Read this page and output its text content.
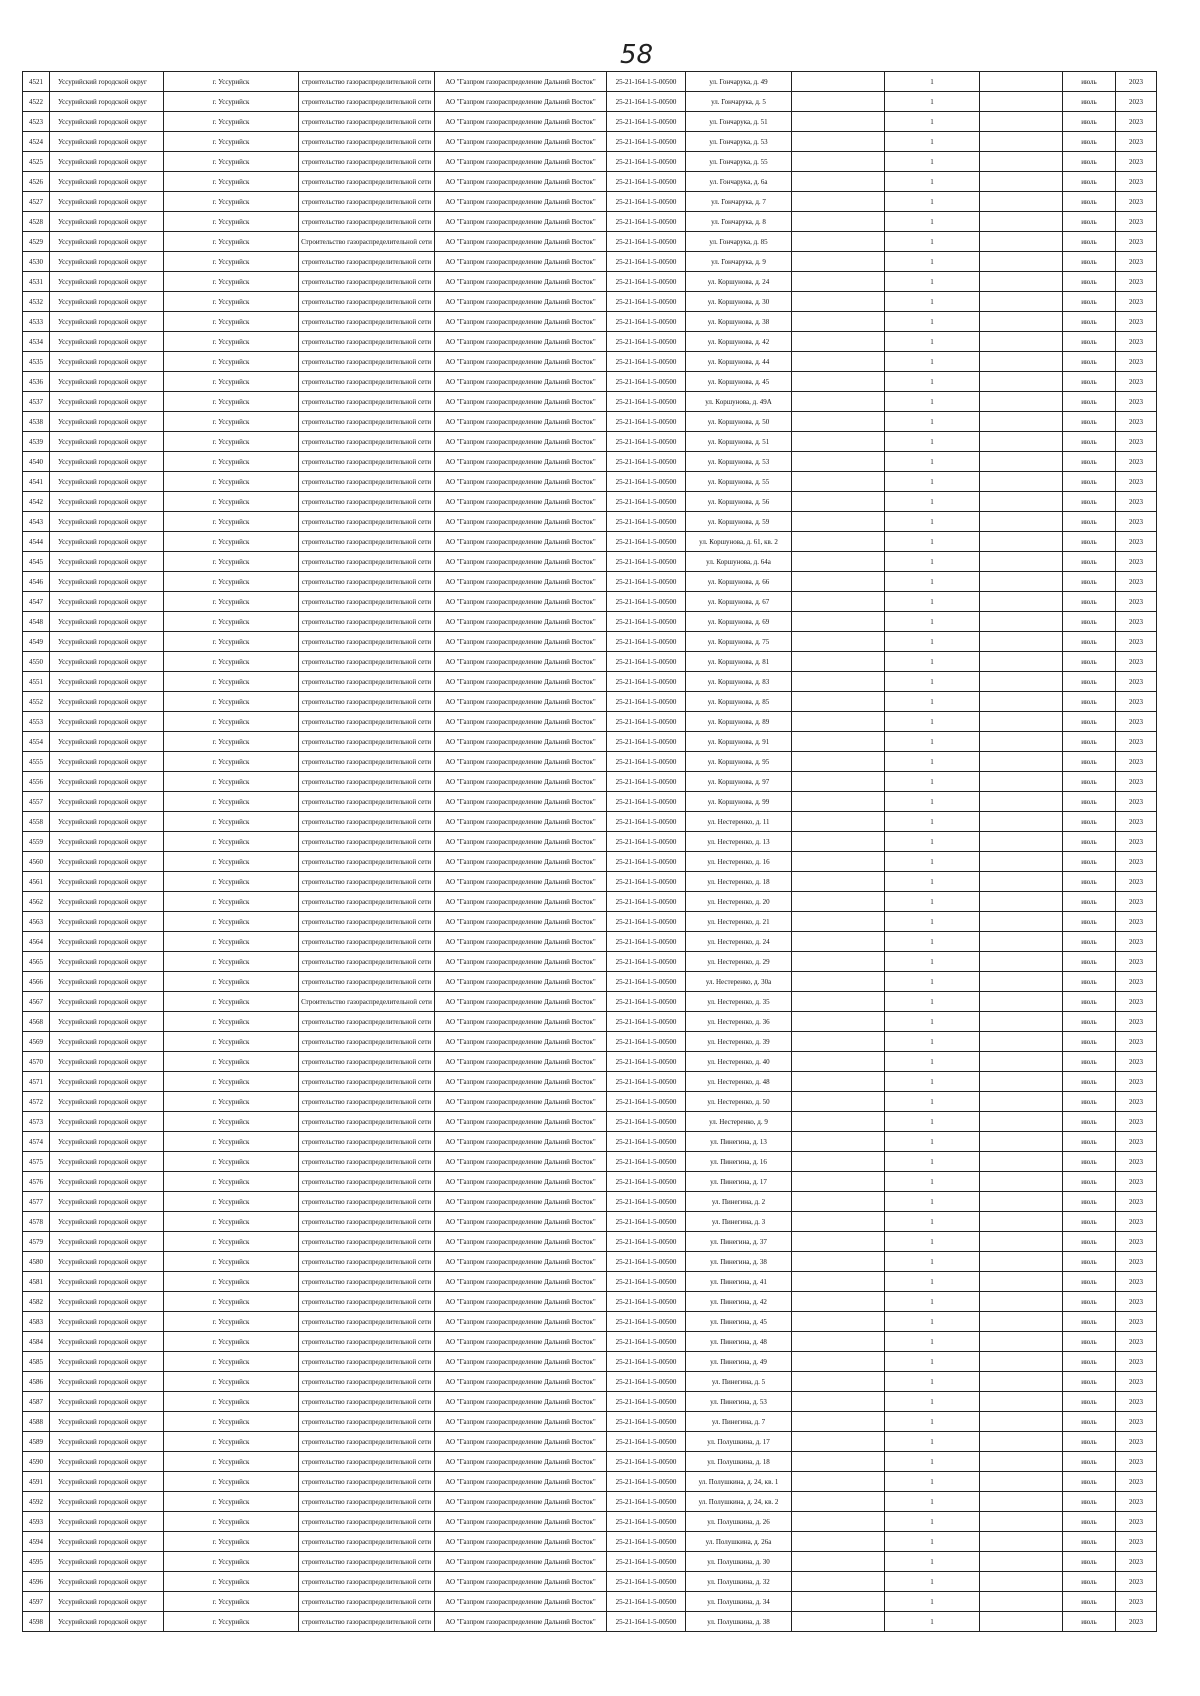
58
4521	Уссурийский городской округ	г. Уссурийск	строительство газораспределительной сети	АО "Газпром газораспределение Дальний Восток"	25-21-164-1-5-00500	ул. Гончарука, д. 49		1		июль	2023
4522	Уссурийский городской округ	г. Уссурийск	строительство газораспределительной сети	АО "Газпром газораспределение Дальний Восток"	25-21-164-1-5-00500	ул. Гончарука, д. 5		1		июль	2023
4523	Уссурийский городской округ	г. Уссурийск	строительство газораспределительной сети	АО "Газпром газораспределение Дальний Восток"	25-21-164-1-5-00500	ул. Гончарука, д. 51		1		июль	2023
4524	Уссурийский городской округ	г. Уссурийск	строительство газораспределительной сети	АО "Газпром газораспределение Дальний Восток"	25-21-164-1-5-00500	ул. Гончарука, д. 53		1		июль	2023
4525	Уссурийский городской округ	г. Уссурийск	строительство газораспределительной сети	АО "Газпром газораспределение Дальний Восток"	25-21-164-1-5-00500	ул. Гончарука, д. 55		1		июль	2023
4526	Уссурийский городской округ	г. Уссурийск	строительство газораспределительной сети	АО "Газпром газораспределение Дальний Восток"	25-21-164-1-5-00500	ул. Гончарука, д. 6а		1		июль	2023
4527	Уссурийский городской округ	г. Уссурийск	строительство газораспределительной сети	АО "Газпром газораспределение Дальний Восток"	25-21-164-1-5-00500	ул. Гончарука, д. 7		1		июль	2023
4528	Уссурийский городской округ	г. Уссурийск	строительство газораспределительной сети	АО "Газпром газораспределение Дальний Восток"	25-21-164-1-5-00500	ул. Гончарука, д. 8		1		июль	2023
4529	Уссурийский городской округ	г. Уссурийск	Строительство газораспределительной сети	АО "Газпром газораспределение Дальний Восток"	25-21-164-1-5-00500	ул. Гончарука, д. 85		1		июль	2023
4530	Уссурийский городской округ	г. Уссурийск	строительство газораспределительной сети	АО "Газпром газораспределение Дальний Восток"	25-21-164-1-5-00500	ул. Гончарука, д. 9		1		июль	2023
4531	Уссурийский городской округ	г. Уссурийск	строительство газораспределительной сети	АО "Газпром газораспределение Дальний Восток"	25-21-164-1-5-00500	ул. Коршунова, д. 24		1		июль	2023
4532	Уссурийский городской округ	г. Уссурийск	строительство газораспределительной сети	АО "Газпром газораспределение Дальний Восток"	25-21-164-1-5-00500	ул. Коршунова, д. 30		1		июль	2023
4533	Уссурийский городской округ	г. Уссурийск	строительство газораспределительной сети	АО "Газпром газораспределение Дальний Восток"	25-21-164-1-5-00500	ул. Коршунова, д. 38		1		июль	2023
4534	Уссурийский городской округ	г. Уссурийск	строительство газораспределительной сети	АО "Газпром газораспределение Дальний Восток"	25-21-164-1-5-00500	ул. Коршунова, д. 42		1		июль	2023
4535	Уссурийский городской округ	г. Уссурийск	строительство газораспределительной сети	АО "Газпром газораспределение Дальний Восток"	25-21-164-1-5-00500	ул. Коршунова, д. 44		1		июль	2023
4536	Уссурийский городской округ	г. Уссурийск	строительство газораспределительной сети	АО "Газпром газораспределение Дальний Восток"	25-21-164-1-5-00500	ул. Коршунова, д. 45		1		июль	2023
4537	Уссурийский городской округ	г. Уссурийск	строительство газораспределительной сети	АО "Газпром газораспределение Дальний Восток"	25-21-164-1-5-00500	ул. Коршунова, д. 49А		1		июль	2023
4538	Уссурийский городской округ	г. Уссурийск	строительство газораспределительной сети	АО "Газпром газораспределение Дальний Восток"	25-21-164-1-5-00500	ул. Коршунова, д. 50		1		июль	2023
4539	Уссурийский городской округ	г. Уссурийск	строительство газораспределительной сети	АО "Газпром газораспределение Дальний Восток"	25-21-164-1-5-00500	ул. Коршунова, д. 51		1		июль	2023
4540	Уссурийский городской округ	г. Уссурийск	строительство газораспределительной сети	АО "Газпром газораспределение Дальний Восток"	25-21-164-1-5-00500	ул. Коршунова, д. 53		1		июль	2023
4541	Уссурийский городской округ	г. Уссурийск	строительство газораспределительной сети	АО "Газпром газораспределение Дальний Восток"	25-21-164-1-5-00500	ул. Коршунова, д. 55		1		июль	2023
4542	Уссурийский городской округ	г. Уссурийск	строительство газораспределительной сети	АО "Газпром газораспределение Дальний Восток"	25-21-164-1-5-00500	ул. Коршунова, д. 56		1		июль	2023
4543	Уссурийский городской округ	г. Уссурийск	строительство газораспределительной сети	АО "Газпром газораспределение Дальний Восток"	25-21-164-1-5-00500	ул. Коршунова, д. 59		1		июль	2023
4544	Уссурийский городской округ	г. Уссурийск	строительство газораспределительной сети	АО "Газпром газораспределение Дальний Восток"	25-21-164-1-5-00500	ул. Коршунова, д. 61, кв. 2		1		июль	2023
4545	Уссурийский городской округ	г. Уссурийск	строительство газораспределительной сети	АО "Газпром газораспределение Дальний Восток"	25-21-164-1-5-00500	ул. Коршунова, д. 64а		1		июль	2023
4546	Уссурийский городской округ	г. Уссурийск	строительство газораспределительной сети	АО "Газпром газораспределение Дальний Восток"	25-21-164-1-5-00500	ул. Коршунова, д. 66		1		июль	2023
4547	Уссурийский городской округ	г. Уссурийск	строительство газораспределительной сети	АО "Газпром газораспределение Дальний Восток"	25-21-164-1-5-00500	ул. Коршунова, д. 67		1		июль	2023
4548	Уссурийский городской округ	г. Уссурийск	строительство газораспределительной сети	АО "Газпром газораспределение Дальний Восток"	25-21-164-1-5-00500	ул. Коршунова, д. 69		1		июль	2023
4549	Уссурийский городской округ	г. Уссурийск	строительство газораспределительной сети	АО "Газпром газораспределение Дальний Восток"	25-21-164-1-5-00500	ул. Коршунова, д. 75		1		июль	2023
4550	Уссурийский городской округ	г. Уссурийск	строительство газораспределительной сети	АО "Газпром газораспределение Дальний Восток"	25-21-164-1-5-00500	ул. Коршунова, д. 81		1		июль	2023
4551	Уссурийский городской округ	г. Уссурийск	строительство газораспределительной сети	АО "Газпром газораспределение Дальний Восток"	25-21-164-1-5-00500	ул. Коршунова, д. 83		1		июль	2023
4552	Уссурийский городской округ	г. Уссурийск	строительство газораспределительной сети	АО "Газпром газораспределение Дальний Восток"	25-21-164-1-5-00500	ул. Коршунова, д. 85		1		июль	2023
4553	Уссурийский городской округ	г. Уссурийск	строительство газораспределительной сети	АО "Газпром газораспределение Дальний Восток"	25-21-164-1-5-00500	ул. Коршунова, д. 89		1		июль	2023
4554	Уссурийский городской округ	г. Уссурийск	строительство газораспределительной сети	АО "Газпром газораспределение Дальний Восток"	25-21-164-1-5-00500	ул. Коршунова, д. 91		1		июль	2023
4555	Уссурийский городской округ	г. Уссурийск	строительство газораспределительной сети	АО "Газпром газораспределение Дальний Восток"	25-21-164-1-5-00500	ул. Коршунова, д. 95		1		июль	2023
4556	Уссурийский городской округ	г. Уссурийск	строительство газораспределительной сети	АО "Газпром газораспределение Дальний Восток"	25-21-164-1-5-00500	ул. Коршунова, д. 97		1		июль	2023
4557	Уссурийский городской округ	г. Уссурийск	строительство газораспределительной сети	АО "Газпром газораспределение Дальний Восток"	25-21-164-1-5-00500	ул. Коршунова, д. 99		1		июль	2023
4558	Уссурийский городской округ	г. Уссурийск	строительство газораспределительной сети	АО "Газпром газораспределение Дальний Восток"	25-21-164-1-5-00500	ул. Нестеренко, д. 11		1		июль	2023
4559	Уссурийский городской округ	г. Уссурийск	строительство газораспределительной сети	АО "Газпром газораспределение Дальний Восток"	25-21-164-1-5-00500	ул. Нестеренко, д. 13		1		июль	2023
4560	Уссурийский городской округ	г. Уссурийск	строительство газораспределительной сети	АО "Газпром газораспределение Дальний Восток"	25-21-164-1-5-00500	ул. Нестеренко, д. 16		1		июль	2023
4561	Уссурийский городской округ	г. Уссурийск	строительство газораспределительной сети	АО "Газпром газораспределение Дальний Восток"	25-21-164-1-5-00500	ул. Нестеренко, д. 18		1		июль	2023
4562	Уссурийский городской округ	г. Уссурийск	строительство газораспределительной сети	АО "Газпром газораспределение Дальний Восток"	25-21-164-1-5-00500	ул. Нестеренко, д. 20		1		июль	2023
4563	Уссурийский городской округ	г. Уссурийск	строительство газораспределительной сети	АО "Газпром газораспределение Дальний Восток"	25-21-164-1-5-00500	ул. Нестеренко, д. 21		1		июль	2023
4564	Уссурийский городской округ	г. Уссурийск	строительство газораспределительной сети	АО "Газпром газораспределение Дальний Восток"	25-21-164-1-5-00500	ул. Нестеренко, д. 24		1		июль	2023
4565	Уссурийский городской округ	г. Уссурийск	строительство газораспределительной сети	АО "Газпром газораспределение Дальний Восток"	25-21-164-1-5-00500	ул. Нестеренко, д. 29		1		июль	2023
4566	Уссурийский городской округ	г. Уссурийск	строительство газораспределительной сети	АО "Газпром газораспределение Дальний Восток"	25-21-164-1-5-00500	ул. Нестеренко, д. 30а		1		июль	2023
4567	Уссурийский городской округ	г. Уссурийск	Строительство газораспределительной сети	АО "Газпром газораспределение Дальний Восток"	25-21-164-1-5-00500	ул. Нестеренко, д. 35		1		июль	2023
4568	Уссурийский городской округ	г. Уссурийск	строительство газораспределительной сети	АО "Газпром газораспределение Дальний Восток"	25-21-164-1-5-00500	ул. Нестеренко, д. 36		1		июль	2023
4569	Уссурийский городской округ	г. Уссурийск	строительство газораспределительной сети	АО "Газпром газораспределение Дальний Восток"	25-21-164-1-5-00500	ул. Нестеренко, д. 39		1		июль	2023
4570	Уссурийский городской округ	г. Уссурийск	строительство газораспределительной сети	АО "Газпром газораспределение Дальний Восток"	25-21-164-1-5-00500	ул. Нестеренко, д. 40		1		июль	2023
4571	Уссурийский городской округ	г. Уссурийск	строительство газораспределительной сети	АО "Газпром газораспределение Дальний Восток"	25-21-164-1-5-00500	ул. Нестеренко, д. 48		1		июль	2023
4572	Уссурийский городской округ	г. Уссурийск	строительство газораспределительной сети	АО "Газпром газораспределение Дальний Восток"	25-21-164-1-5-00500	ул. Нестеренко, д. 50		1		июль	2023
4573	Уссурийский городской округ	г. Уссурийск	строительство газораспределительной сети	АО "Газпром газораспределение Дальний Восток"	25-21-164-1-5-00500	ул. Нестеренко, д. 9		1		июль	2023
4574	Уссурийский городской округ	г. Уссурийск	строительство газораспределительной сети	АО "Газпром газораспределение Дальний Восток"	25-21-164-1-5-00500	ул. Пинегина, д. 13		1		июль	2023
4575	Уссурийский городской округ	г. Уссурийск	строительство газораспределительной сети	АО "Газпром газораспределение Дальний Восток"	25-21-164-1-5-00500	ул. Пинегина, д. 16		1		июль	2023
4576	Уссурийский городской округ	г. Уссурийск	строительство газораспределительной сети	АО "Газпром газораспределение Дальний Восток"	25-21-164-1-5-00500	ул. Пинегина, д. 17		1		июль	2023
4577	Уссурийский городской округ	г. Уссурийск	строительство газораспределительной сети	АО "Газпром газораспределение Дальний Восток"	25-21-164-1-5-00500	ул. Пинегина, д. 2		1		июль	2023
4578	Уссурийский городской округ	г. Уссурийск	строительство газораспределительной сети	АО "Газпром газораспределение Дальний Восток"	25-21-164-1-5-00500	ул. Пинегина, д. 3		1		июль	2023
4579	Уссурийский городской округ	г. Уссурийск	строительство газораспределительной сети	АО "Газпром газораспределение Дальний Восток"	25-21-164-1-5-00500	ул. Пинегина, д. 37		1		июль	2023
4580	Уссурийский городской округ	г. Уссурийск	строительство газораспределительной сети	АО "Газпром газораспределение Дальний Восток"	25-21-164-1-5-00500	ул. Пинегина, д. 38		1		июль	2023
4581	Уссурийский городской округ	г. Уссурийск	строительство газораспределительной сети	АО "Газпром газораспределение Дальний Восток"	25-21-164-1-5-00500	ул. Пинегина, д. 41		1		июль	2023
4582	Уссурийский городской округ	г. Уссурийск	строительство газораспределительной сети	АО "Газпром газораспределение Дальний Восток"	25-21-164-1-5-00500	ул. Пинегина, д. 42		1		июль	2023
4583	Уссурийский городской округ	г. Уссурийск	строительство газораспределительной сети	АО "Газпром газораспределение Дальний Восток"	25-21-164-1-5-00500	ул. Пинегина, д. 45		1		июль	2023
4584	Уссурийский городской округ	г. Уссурийск	строительство газораспределительной сети	АО "Газпром газораспределение Дальний Восток"	25-21-164-1-5-00500	ул. Пинегина, д. 48		1		июль	2023
4585	Уссурийский городской округ	г. Уссурийск	строительство газораспределительной сети	АО "Газпром газораспределение Дальний Восток"	25-21-164-1-5-00500	ул. Пинегина, д. 49		1		июль	2023
4586	Уссурийский городской округ	г. Уссурийск	строительство газораспределительной сети	АО "Газпром газораспределение Дальний Восток"	25-21-164-1-5-00500	ул. Пинегина, д. 5		1		июль	2023
4587	Уссурийский городской округ	г. Уссурийск	строительство газораспределительной сети	АО "Газпром газораспределение Дальний Восток"	25-21-164-1-5-00500	ул. Пинегина, д. 53		1		июль	2023
4588	Уссурийский городской округ	г. Уссурийск	строительство газораспределительной сети	АО "Газпром газораспределение Дальний Восток"	25-21-164-1-5-00500	ул. Пинегина, д. 7		1		июль	2023
4589	Уссурийский городской округ	г. Уссурийск	строительство газораспределительной сети	АО "Газпром газораспределение Дальний Восток"	25-21-164-1-5-00500	ул. Полушкина, д. 17		1		июль	2023
4590	Уссурийский городской округ	г. Уссурийск	строительство газораспределительной сети	АО "Газпром газораспределение Дальний Восток"	25-21-164-1-5-00500	ул. Полушкина, д. 18		1		июль	2023
4591	Уссурийский городской округ	г. Уссурийск	строительство газораспределительной сети	АО "Газпром газораспределение Дальний Восток"	25-21-164-1-5-00500	ул. Полушкина, д. 24, кв. 1		1		июль	2023
4592	Уссурийский городской округ	г. Уссурийск	строительство газораспределительной сети	АО "Газпром газораспределение Дальний Восток"	25-21-164-1-5-00500	ул. Полушкина, д. 24, кв. 2		1		июль	2023
4593	Уссурийский городской округ	г. Уссурийск	строительство газораспределительной сети	АО "Газпром газораспределение Дальний Восток"	25-21-164-1-5-00500	ул. Полушкина, д. 26		1		июль	2023
4594	Уссурийский городской округ	г. Уссурийск	строительство газораспределительной сети	АО "Газпром газораспределение Дальний Восток"	25-21-164-1-5-00500	ул. Полушкина, д. 26а		1		июль	2023
4595	Уссурийский городской округ	г. Уссурийск	строительство газораспределительной сети	АО "Газпром газораспределение Дальний Восток"	25-21-164-1-5-00500	ул. Полушкина, д. 30		1		июль	2023
4596	Уссурийский городской округ	г. Уссурийск	строительство газораспределительной сети	АО "Газпром газораспределение Дальний Восток"	25-21-164-1-5-00500	ул. Полушкина, д. 32		1		июль	2023
4597	Уссурийский городской округ	г. Уссурийск	строительство газораспределительной сети	АО "Газпром газораспределение Дальний Восток"	25-21-164-1-5-00500	ул. Полушкина, д. 34		1		июль	2023
4598	Уссурийский городской округ	г. Уссурийск	строительство газораспределительной сети	АО "Газпром газораспределение Дальний Восток"	25-21-164-1-5-00500	ул. Полушкина, д. 38		1		июль	2023
